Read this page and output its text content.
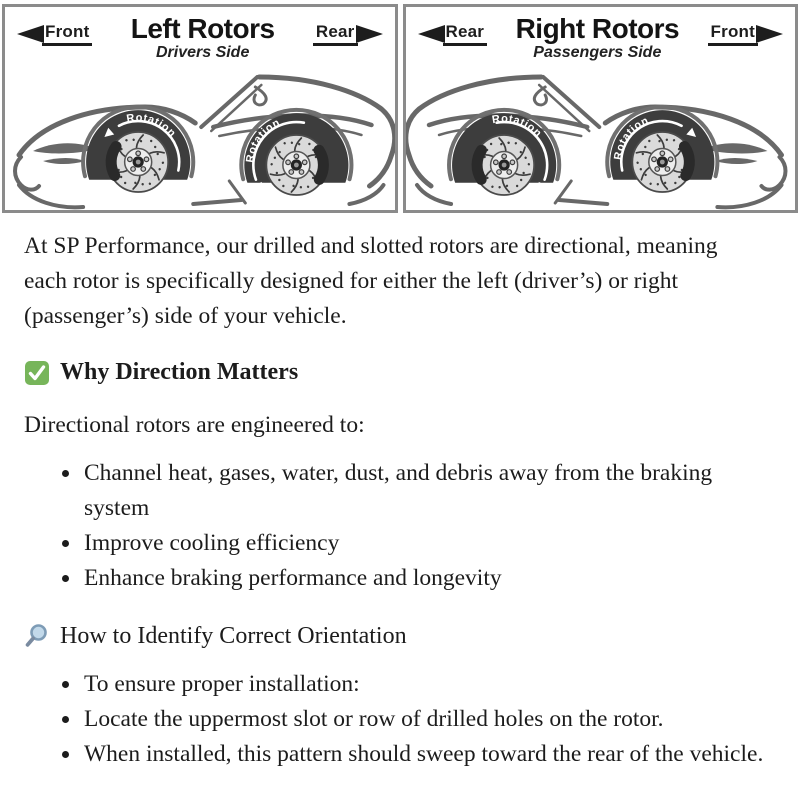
Rotation
Rotation
Front Left Rotors
Drivers Side
Rear
Rotation
Rotation
Rear Right Rotors
Passengers Side
Front

At SP Performance, our drilled and slotted rotors are directional, meaning each rotor is specifically designed for either the left (driver’s) or right (passenger’s) side of your vehicle.

Why Direction Matters

Directional rotors are engineered to:

• Channel heat, gases, water, dust, and debris away from the braking system
• Improve cooling efficiency
• Enhance braking performance and longevity
How to Identify Correct Orientation
• To ensure proper installation:
• Locate the uppermost slot or row of drilled holes on the rotor.
• When installed, this pattern should sweep toward the rear of the vehicle.
